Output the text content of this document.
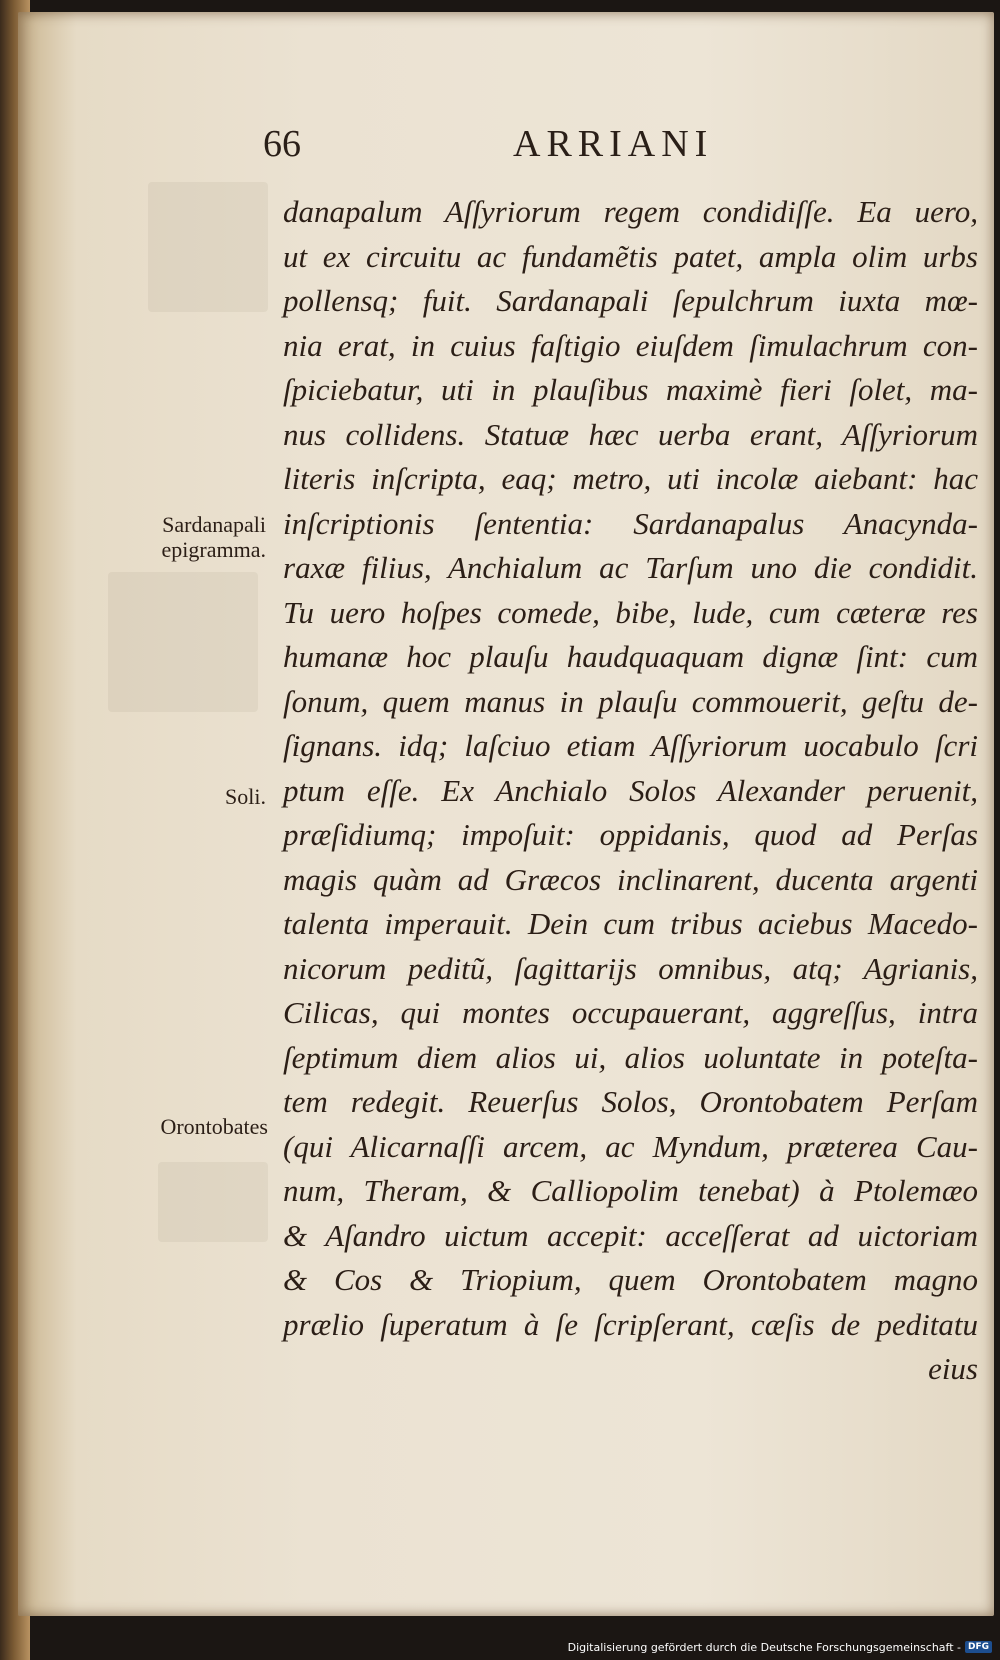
66	ARRIANI
Sardanapali
epigramma.
Soli.
Orontobates
danapalum Aſſyriorum regem condidiſſe. Ea uero,
ut ex circuitu ac fundamẽtis patet, ampla olim urbs
pollensq; fuit. Sardanapali ſepulchrum iuxta mœ-
nia erat, in cuius faſtigio eiuſdem ſimulachrum con-
ſpiciebatur, uti in plauſibus maximè fieri ſolet, ma-
nus collidens. Statuæ hæc uerba erant, Aſſyriorum
literis inſcripta, eaq; metro, uti incolæ aiebant: hac
inſcriptionis ſententia: Sardanapalus Anacynda-
raxæ filius, Anchialum ac Tarſum uno die condidit.
Tu uero hoſpes comede, bibe, lude, cum cæteræ res
humanæ hoc plauſu haudquaquam dignæ ſint: cum
ſonum, quem manus in plauſu commouerit, geſtu de-
ſignans. idq; laſciuo etiam Aſſyriorum uocabulo ſcri
ptum eſſe. Ex Anchialo Solos Alexander peruenit,
præſidiumq; impoſuit: oppidanis, quod ad Perſas
magis quàm ad Græcos inclinarent, ducenta argenti
talenta imperauit. Dein cum tribus aciebus Macedo-
nicorum peditũ, ſagittarijs omnibus, atq; Agrianis,
Cilicas, qui montes occupauerant, aggreſſus, intra
ſeptimum diem alios ui, alios uoluntate in poteſta-
tem redegit. Reuerſus Solos, Orontobatem Perſam
(qui Alicarnaſſi arcem, ac Myndum, præterea Cau-
num, Theram, & Calliopolim tenebat) à Ptolemæo
& Aſandro uictum accepit: acceſſerat ad uictoriam
& Cos & Triopium, quem Orontobatem magno
prælio ſuperatum à ſe ſcripſerant, cæſis de peditatu
eius
Digitalisierung gefördert durch die Deutsche Forschungsgemeinschaft - DFG
